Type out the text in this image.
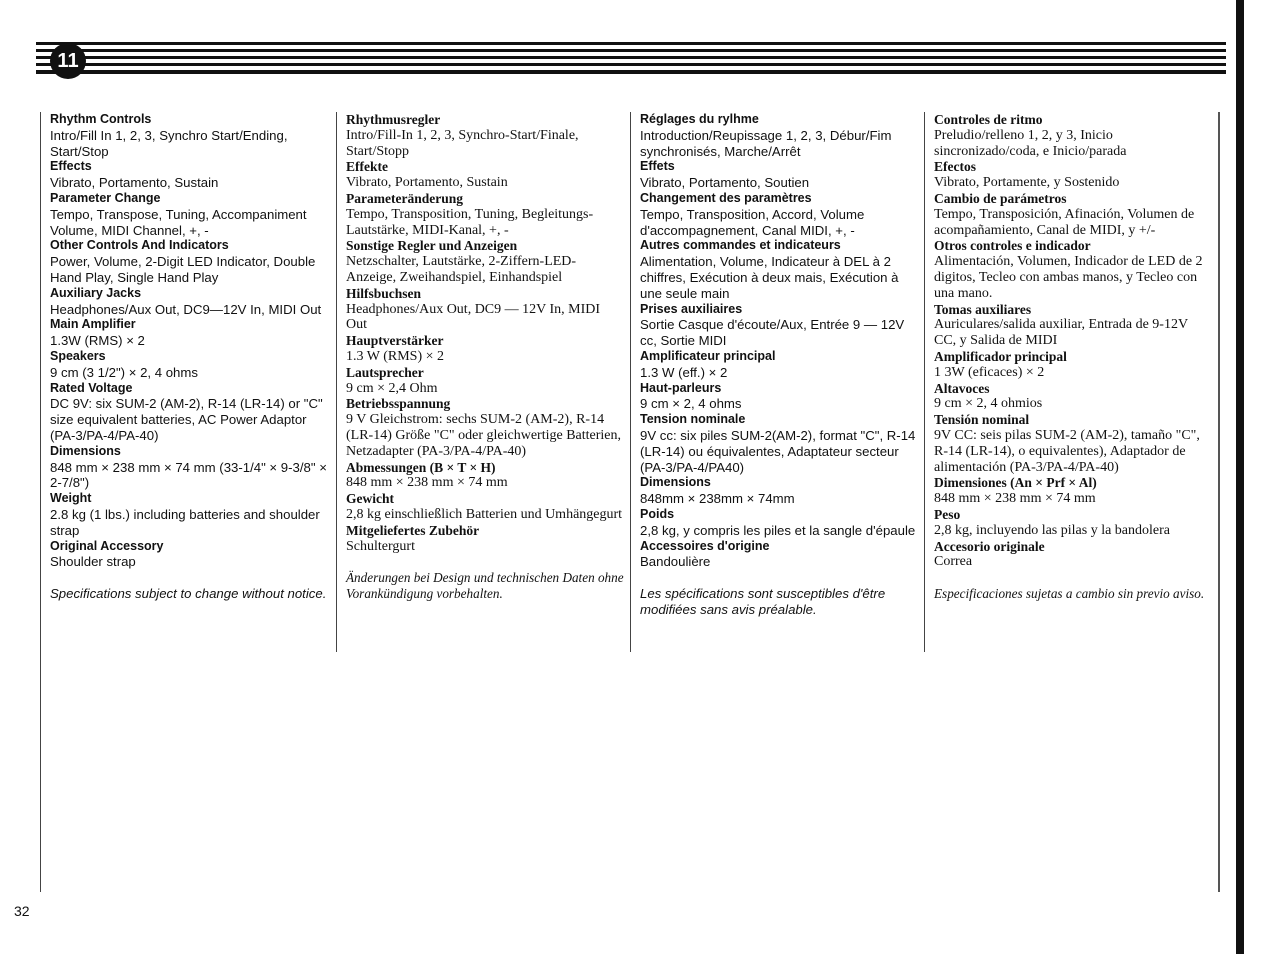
11
Rhythm Controls
Intro/Fill In 1, 2, 3, Synchro Start/Ending, Start/Stop
Effects
Vibrato, Portamento, Sustain
Parameter Change
Tempo, Transpose, Tuning, Accompaniment Volume, MIDI Channel, +, -
Other Controls And Indicators
Power, Volume, 2-Digit LED Indicator, Double Hand Play, Single Hand Play
Auxiliary Jacks
Headphones/Aux Out, DC9—12V In, MIDI Out
Main Amplifier
1.3W (RMS) × 2
Speakers
9 cm (3 1/2") × 2, 4 ohms
Rated Voltage
DC 9V: six SUM-2 (AM-2), R-14 (LR-14) or "C" size equivalent batteries, AC Power Adaptor (PA-3/PA-4/PA-40)
Dimensions
848 mm × 238 mm × 74 mm (33-1/4" × 9-3/8" × 2-7/8")
Weight
2.8 kg (1 lbs.) including batteries and shoulder strap
Original Accessory
Shoulder strap
Specifications subject to change without notice.
Rhythmusregler
Intro/Fill-In 1, 2, 3, Synchro-Start/Finale, Start/Stopp
Effekte
Vibrato, Portamento, Sustain
Parameteränderung
Tempo, Transposition, Tuning, Begleitungs-Lautstärke, MIDI-Kanal, +, -
Sonstige Regler und Anzeigen
Netzschalter, Lautstärke, 2-Ziffern-LED-Anzeige, Zweihandspiel, Einhandspiel
Hilfsbuchsen
Headphones/Aux Out, DC9 — 12V In, MIDI Out
Hauptverstärker
1.3 W (RMS) × 2
Lautsprecher
9 cm × 2,4 Ohm
Betriebsspannung
9 V Gleichstrom: sechs SUM-2 (AM-2), R-14 (LR-14) Größe "C" oder gleichwertige Batterien, Netzadapter (PA-3/PA-4/PA-40)
Abmessungen (B × T × H)
848 mm × 238 mm × 74 mm
Gewicht
2,8 kg einschließlich Batterien und Umhängegurt
Mitgeliefertes Zubehör
Schultergurt
Änderungen bei Design und technischen Daten ohne Vorankündigung vorbehalten.
Réglages du rylhme
Introduction/Reupissage 1, 2, 3, Débur/Fim synchronisés, Marche/Arrêt
Effets
Vibrato, Portamento, Soutien
Changement des paramètres
Tempo, Transposition, Accord, Volume d'accompagnement, Canal MIDI, +, -
Autres commandes et indicateurs
Alimentation, Volume, Indicateur à DEL à 2 chiffres, Exécution à deux mais, Exécution à une seule main
Prises auxiliaires
Sortie Casque d'écoute/Aux, Entrée 9 — 12V cc, Sortie MIDI
Amplificateur principal
1.3 W (eff.) × 2
Haut-parleurs
9 cm × 2, 4 ohms
Tension nominale
9V cc: six piles SUM-2(AM-2), format "C", R-14 (LR-14) ou équivalentes, Adaptateur secteur (PA-3/PA-4/PA40)
Dimensions
848mm × 238mm × 74mm
Poids
2,8 kg, y compris les piles et la sangle d'épaule
Accessoires d'origine
Bandoulière
Les spécifications sont susceptibles d'être modifiées sans avis préalable.
Controles de ritmo
Preludio/relleno 1, 2, y 3, Inicio sincronizado/coda, e Inicio/parada
Efectos
Vibrato, Portamente, y Sostenido
Cambio de parámetros
Tempo, Transposición, Afinación, Volumen de acompañamiento, Canal de MIDI, y +/-
Otros controles e indicador
Alimentación, Volumen, Indicador de LED de 2 digitos, Tecleo con ambas manos, y Tecleo con una mano.
Tomas auxiliares
Auriculares/salida auxiliar, Entrada de 9-12V CC, y Salida de MIDI
Amplificador principal
1 3W (eficaces) × 2
Altavoces
9 cm × 2, 4 ohmios
Tensión nominal
9V CC: seis pilas SUM-2 (AM-2), tamaño "C", R-14 (LR-14), o equivalentes), Adaptador de alimentación (PA-3/PA-4/PA-40)
Dimensiones (An × Prf × Al)
848 mm × 238 mm × 74 mm
Peso
2,8 kg, incluyendo las pilas y la bandolera
Accesorio originale
Correa
Especificaciones sujetas a cambio sin previo aviso.
32
